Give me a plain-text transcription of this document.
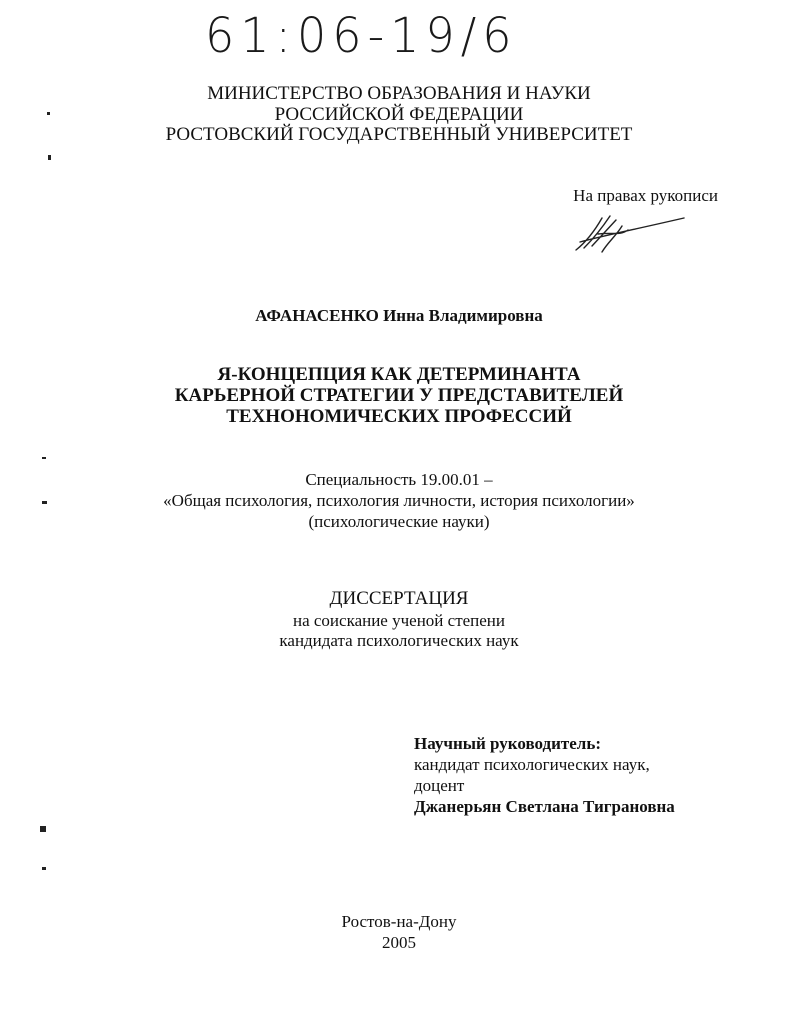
61:06-19/6
МИНИСТЕРСТВО ОБРАЗОВАНИЯ И НАУКИ
РОССИЙСКОЙ ФЕДЕРАЦИИ
РОСТОВСКИЙ ГОСУДАРСТВЕННЫЙ УНИВЕРСИТЕТ
На правах рукописи
АФАНАСЕНКО Инна Владимировна
Я-КОНЦЕПЦИЯ КАК ДЕТЕРМИНАНТА
КАРЬЕРНОЙ СТРАТЕГИИ У ПРЕДСТАВИТЕЛЕЙ
ТЕХНОНОМИЧЕСКИХ ПРОФЕССИЙ
Специальность 19.00.01 –
«Общая психология, психология личности, история психологии»
(психологические науки)
ДИССЕРТАЦИЯ
на соискание ученой степени
кандидата психологических наук
Научный руководитель:
кандидат психологических наук,
доцент
Джанерьян Светлана Тиграновна
Ростов-на-Дону
2005
